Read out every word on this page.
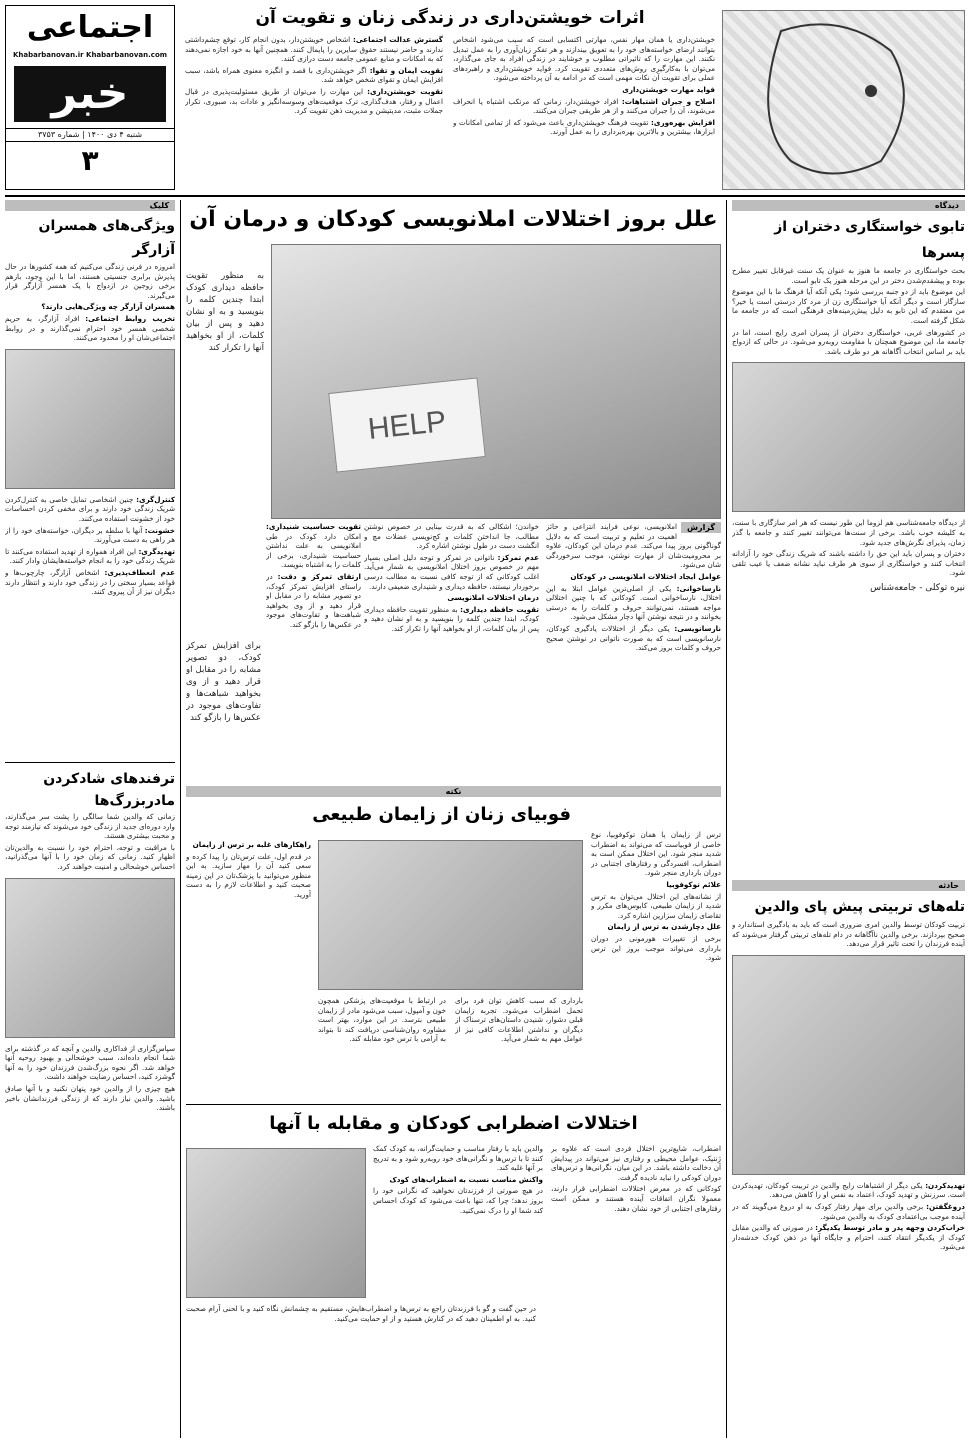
اجتماعی
Khabarbanovan.ir Khabarbanovan.com
خبر
شنبه ۴ دی ۱۴۰۰ | شماره ۳۷۵۳
۳
اثرات خویشتن‌داری در زندگی زنان و تقویت آن

خویشتن‌داری یا همان مهار نفس، مهارتی اکتسابی است که سبب می‌شود اشخاص بتوانند ارضای خواسته‌های خود را به تعویق بیندازند و هر تفکر زبان‌آوری را به عمل تبدیل نکنند. این مهارت را که تاثیراتی مطلوب و خوشایند در زندگی افراد به جای می‌گذارد، می‌توان با به‌کارگیری روش‌های متعددی تقویت کرد. فواید خویشتن‌داری و راهبردهای عملی برای تقویت آن نکات مهمی است که در ادامه به آن پرداخته می‌شود.

فواید مهارت خویشتن‌داری

اصلاح و جبران اشتباهات: افراد خویشتن‌دار، زمانی که مرتکب اشتباه یا انحراف می‌شوند، آن را جبران می‌کنند و از هر طریقی جبران می‌کنند.

افزایش بهره‌وری: تقویت فرهنگ خویشتن‌داری باعث می‌شود که از تمامی امکانات و ابزارها، بیشترین و بالاترین بهره‌برداری را به عمل آورند.

گسترش عدالت اجتماعی: اشخاص خویشتن‌دار، بدون انجام کار، توقع چشم‌داشتی ندارند و حاضر نیستند حقوق سایرین را پایمال کنند. همچنین آنها به خود اجازه نمی‌دهند که به امکانات و منابع عمومی جامعه دست درازی کنند.

تقویت ایمان و تقوا: اگر خویشتن‌داری با قصد و انگیزه معنوی همراه باشد، سبب افزایش ایمان و تقوای شخص خواهد شد.

تقویت خویشتن‌داری: این مهارت را می‌توان از طریق مسئولیت‌پذیری در قبال اعمال و رفتار، هدف‌گذاری، ترک موقعیت‌های وسوسه‌انگیز و عادات بد، صبوری، تکرار جملات مثبت، مدیتیشن و مدیریت ذهن تقویت کرد.

کلیک
ویژگی‌های همسران آزارگر

امروزه در فرنی زندگی می‌کنیم که همه کشورها در حال پذیرش برابری جنسیتی هستند، اما با این وجود، بازهم برخی زوجین در ازدواج با یک همسر آزارگر قرار می‌گیرند.

همسران آزارگر چه ویژگی‌هایی دارند؟

تخریب روابط اجتماعی: افراد آزارگر، به حریم شخصی همسر خود احترام نمی‌گذارند و در روابط اجتماعی‌شان او را محدود می‌کنند.

کنترل‌گری: چنین اشخاصی تمایل خاصی به کنترل‌کردن شریک زندگی خود دارند و برای مخفی کردن احساسات خود از خشونت استفاده می‌کنند.

خشونت: آنها با سلطه بر دیگران، خواسته‌های خود را از هر راهی به دست می‌آورند.

تهدیدگری: این افراد همواره از تهدید استفاده می‌کنند تا شریک زندگی خود را به انجام خواسته‌هایشان وادار کنند.

عدم انعطاف‌پذیری: اشخاص آزارگر، چارچوب‌ها و قواعد بسیار سختی را در زندگی خود دارند و انتظار دارند دیگران نیز از آن پیروی کنند.

ترفندهای شادکردن مادربزرگ‌ها

زمانی که والدین شما سالگی را پشت سر می‌گذارند، وارد دوره‌ای جدید از زندگی خود می‌شوند که نیازمند توجه و محبت بیشتری هستند.

با مراقبت و توجه، احترام خود را نسبت به والدین‌تان اظهار کنید. زمانی که زمان خود را با آنها می‌گذرانید، احساس خوشحالی و امنیت خواهند کرد.

سپاس‌گزاری از فداکاری والدین و آنچه که در گذشته برای شما انجام داده‌اند، سبب خوشحالی و بهبود روحیه آنها خواهد شد. اگر نحوه بزرگ‌شدن فرزندان خود را به آنها گوشزد کنید، احساس رضایت خواهند داشت.

هیچ چیزی را از والدین خود پنهان نکنید و با آنها صادق باشید. والدین نیاز دارند که از زندگی فرزندانشان باخبر باشند.

علل بروز اختلالات املانویسی کودکان و درمان آن
HELP
به منظور تقویت حافظه دیداری کودک ابتدا چندین کلمه را بنویسید و به او نشان دهید و پس از بیان کلمات، از او بخواهید آنها را تکرار کند
گزارش

املانویسی، نوعی فرایند انتزاعی و حائز اهمیت در تعلیم و تربیت است که به دلایل گوناگونی بروز پیدا می‌کند. عدم درمان این کودکان، علاوه بر محرومیت‌شان از مهارت نوشتن، موجب سرخوردگی شان می‌شود.

عوامل ایجاد اختلالات املانویسی در کودکان

نارسا‌خوانی: یکی از اصلی‌ترین عوامل ابتلا به این اختلال، نارسا‌خوانی است. کودکانی که با چنین اختلالی مواجه هستند، نمی‌توانند حروف و کلمات را به درستی بخوانند و در نتیجه نوشتن آنها دچار مشکل می‌شود.

نارسا‌نویسی: یکی دیگر از اختلالات یادگیری کودکان، نارسا‌نویسی است که به صورت ناتوانی در نوشتن صحیح حروف و کلمات بروز می‌کند.

خواندن؛ اشکالی که به قدرت بینایی در خصوص نوشتن مطالب، جا انداختن کلمات و کج‌نویسی عضلات مچ و انگشت دست در طول نوشتن اشاره کرد.

عدم تمرکز: ناتوانی در تمرکز و توجه دلیل اصلی بسیار مهم در خصوص بروز اختلال املانویسی به شمار می‌آید. اغلب کودکانی که از توجه کافی نسبت به مطالب درسی برخوردار نیستند، حافظه دیداری و شنیداری ضعیفی دارند.

درمان اختلالات املانویسی

تقویت حافظه دیداری: به منظور تقویت حافظه دیداری کودک، ابتدا چندین کلمه را بنویسید و به او نشان دهید و پس از بیان کلمات، از او بخواهید آنها را تکرار کند.

تقویت حساسیت شنیداری: امکان دارد کودک در طی املانویسی به علت نداشتن حساسیت شنیداری، برخی از کلمات را به اشتباه بنویسد.

ارتقای تمرکز و دقت: در راستای افزایش تمرکز کودک، دو تصویر مشابه را در مقابل او قرار دهید و از وی بخواهید شباهت‌ها و تفاوت‌های موجود در عکس‌ها را بازگو کند.

برای افزایش تمرکز کودک، دو تصویر مشابه را در مقابل او قرار دهید و از وی بخواهید شباهت‌ها و تفاوت‌های موجود در عکس‌ها را بازگو کند
نکته
فوبیای زنان از زایمان طبیعی

ترس از زایمان یا همان توکوفوبیا، نوع خاصی از فوبیاست که می‌تواند به اضطراب شدید منجر شود. این اختلال ممکن است به اضطراب، افسردگی و رفتارهای اجتنابی در دوران بارداری منجر شود.

علائم توکوفوبیا

از نشانه‌های این اختلال می‌توان به ترس شدید از زایمان طبیعی، کابوس‌های مکرر و تقاضای زایمان سزارین اشاره کرد.

علل دچارشدن به ترس از زایمان

برخی از تغییرات هورمونی در دوران بارداری می‌تواند موجب بروز این ترس شود.

بارداری که سبب کاهش توان فرد برای تحمل اضطراب می‌شود. تجربه زایمان قبلی دشوار، شنیدن داستان‌های ترسناک از دیگران و نداشتن اطلاعات کافی نیز از عوامل مهم به شمار می‌آید.

در ارتباط با موقعیت‌های پزشکی همچون خون و آمپول، سبب می‌شود مادر از زایمان طبیعی بترسد. در این موارد، بهتر است مشاوره روان‌شناسی دریافت کند تا بتواند به آرامی با ترس خود مقابله کند.

راهکارهای غلبه بر ترس از زایمان

در قدم اول، علت ترس‌تان را پیدا کرده و سعی کنید آن را مهار سازید. به این منظور می‌توانید با پزشک‌تان در این زمینه صحبت کنید و اطلاعات لازم را به دست آورید.

اختلالات اضطرابی کودکان و مقابله با آنها

اضطراب، شایع‌ترین اختلال فردی است که علاوه بر ژنتیک، عوامل محیطی و رفتاری نیز می‌تواند در پیدایش آن دخالت داشته باشد. در این میان، نگرانی‌ها و ترس‌های دوران کودکی را نباید نادیده گرفت.

کودکانی که در معرض اختلالات اضطرابی قرار دارند، معمولا نگران اتفاقات آینده هستند و ممکن است رفتارهای اجتنابی از خود نشان دهند.

والدین باید با رفتار مناسب و حمایت‌گرانه، به کودک کمک کنند تا با ترس‌ها و نگرانی‌های خود روبه‌رو شود و به تدریج بر آنها غلبه کند.

واکنش مناسب نسبت به اضطراب‌های کودک

در هیچ صورتی از فرزندتان نخواهید که نگرانی خود را بروز ندهد؛ چرا که، تنها باعث می‌شود که کودک احساس کند شما او را درک نمی‌کنید.

در حین گفت و گو با فرزندتان راجع به ترس‌ها و اضطراب‌هایش، مستقیم به چشمانش نگاه کنید و با لحنی آرام صحبت کنید. به او اطمینان دهید که در کنارش هستید و از او حمایت می‌کنید.

دیدگاه
تابوی خواستگاری دختران از پسرها

بحث خواستگاری در جامعه ما هنوز به عنوان یک سنت غیرقابل تغییر مطرح بوده و پیشقدم‌شدن دختر در این مرحله هنوز یک تابو است.

این موضوع باید از دو جنبه بررسی شود؛ یکی آنکه آیا فرهنگ ما با این موضوع سازگار است و دیگر آنکه آیا خواستگاری زن از مرد کار درستی است یا خیر؟ من معتقدم که این تابو به دلیل پیش‌زمینه‌های فرهنگی است که در جامعه ما شکل گرفته است.

در کشورهای غربی، خواستگاری دختران از پسران امری رایج است، اما در جامعه ما، این موضوع همچنان با مقاومت روبه‌رو می‌شود. در حالی که ازدواج باید بر اساس انتخاب آگاهانه هر دو طرف باشد.

از دیدگاه جامعه‌شناسی هم لزوما این طور نیست که هر امر سازگاری با سنت، به کلیشه خوب باشد. برخی از سنت‌ها می‌توانند تغییر کنند و جامعه با گذر زمان، پذیرای نگرش‌های جدید شود.

دختران و پسران باید این حق را داشته باشند که شریک زندگی خود را آزادانه انتخاب کنند و خواستگاری از سوی هر طرف نباید نشانه ضعف یا عیب تلقی شود.

نیره توکلی - جامعه‌شناس
حادثه
تله‌های تربیتی پیش پای والدین

تربیت کودکان توسط والدین امری ضروری است که باید به یادگیری استاندارد و صحیح بپردازند. برخی والدین ناآگاهانه در دام تله‌های تربیتی گرفتار می‌شوند که آینده فرزندان را تحت تاثیر قرار می‌دهد.

تهدیدکردن: یکی دیگر از اشتباهات رایج والدین در تربیت کودکان، تهدیدکردن است. سرزنش و تهدید کودک، اعتماد به نفس او را کاهش می‌دهد.

دروغگفتن: برخی والدین برای مهار رفتار کودک به او دروغ می‌گویند که در آینده موجب بی‌اعتمادی کودک به والدین می‌شود.

خراب‌کردن وجهه پدر و مادر توسط یکدیگر: در صورتی که والدین مقابل کودک از یکدیگر انتقاد کنند، احترام و جایگاه آنها در ذهن کودک خدشه‌دار می‌شود.
